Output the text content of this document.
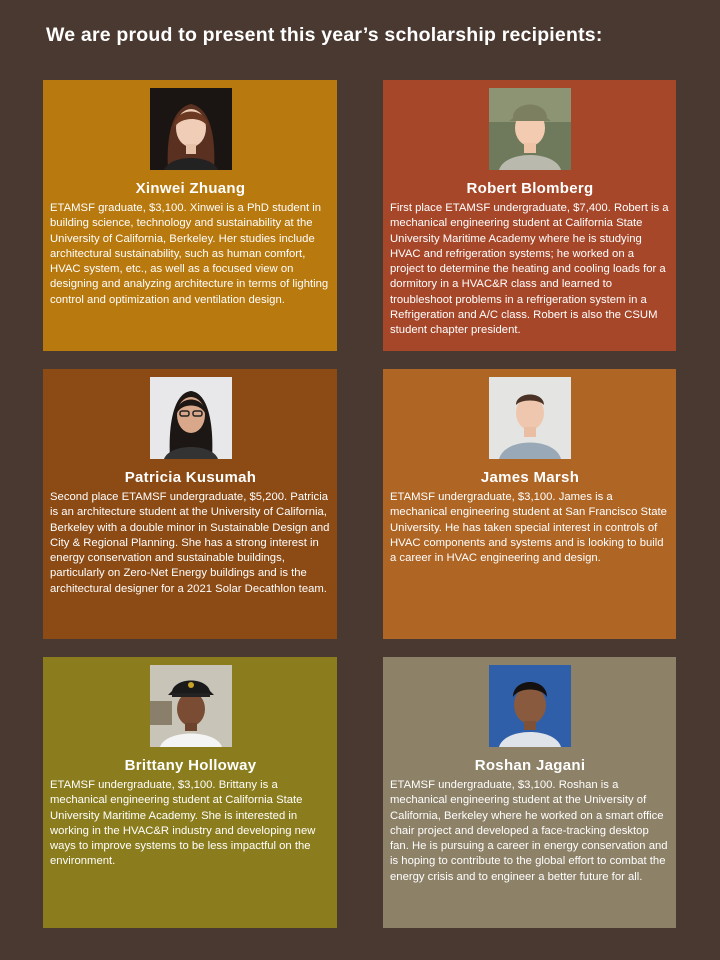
We are proud to present this year’s scholarship recipients:
Xinwei Zhuang

ETAMSF graduate, $3,100. Xinwei is a PhD student in building science, technology and sustainability at the University of California, Berkeley. Her studies include architectural sustainability, such as human comfort, HVAC system, etc., as well as a focused view on designing and analyzing architecture in terms of lighting control and optimization and ventilation design.

Robert Blomberg

First place ETAMSF undergraduate, $7,400. Robert is a mechanical engineering student at California State University Maritime Academy where he is studying HVAC and refrigeration systems; he worked on a project to determine the heating and cooling loads for a dormitory in a HVAC&R class and learned to troubleshoot problems in a refrigeration system in a Refrigeration and A/C class. Robert is also the CSUM student chapter president.

Patricia Kusumah

Second place ETAMSF undergraduate, $5,200. Patricia is an architecture student at the University of California, Berkeley with a double minor in Sustainable Design and City & Regional Planning. She has a strong interest in energy conservation and sustainable buildings, particularly on Zero-Net Energy buildings and is the architectural designer for a 2021 Solar Decathlon team.

James Marsh

ETAMSF undergraduate, $3,100. James is a mechanical engineering student at San Francisco State University. He has taken special interest in controls of HVAC components and systems and is looking to build a career in HVAC engineering and design.

Brittany Holloway

ETAMSF undergraduate, $3,100. Brittany is a mechanical engineering student at California State University Maritime Academy. She is interested in working in the HVAC&R industry and developing new ways to improve systems to be less impactful on the environment.

Roshan Jagani

ETAMSF undergraduate, $3,100. Roshan is a mechanical engineering student at the University of California, Berkeley where he worked on a smart office chair project and developed a face-tracking desktop fan. He is pursuing a career in energy conservation and is hoping to contribute to the global effort to combat the energy crisis and to engineer a better future for all.
